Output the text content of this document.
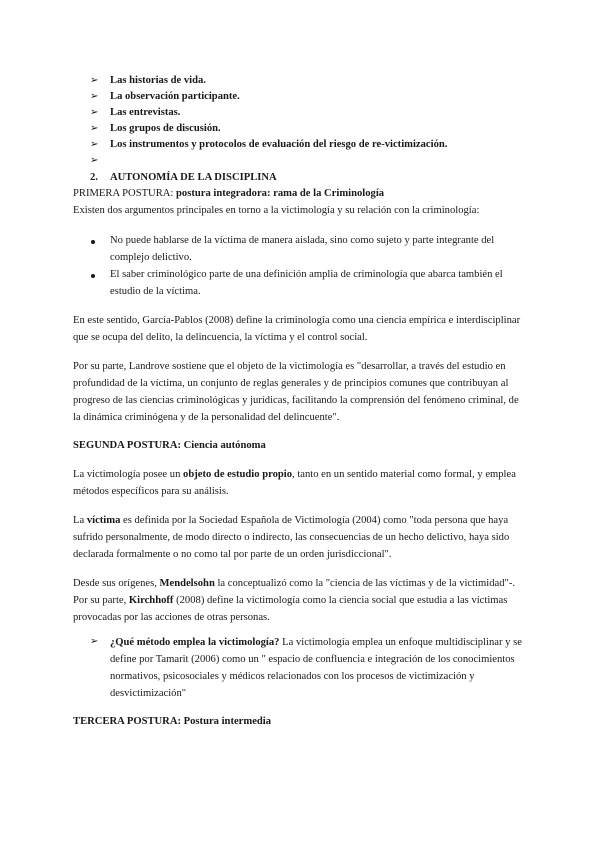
➢ Las historias de vida.
➢ La observación participante.
➢ Las entrevistas.
➢ Los grupos de discusión.
➢ Los instrumentos y protocolos de evaluación del riesgo de re-victimización.
➢
2. AUTONOMÍA DE LA DISCIPLINA
PRIMERA POSTURA: postura integradora: rama de la Criminología
Existen dos argumentos principales en torno a la victimología y su relación con la criminología:
No puede hablarse de la víctima de manera aislada, sino como sujeto y parte integrante del
complejo delictivo.
El saber criminológico parte de una definición amplia de criminología que abarca también el
estudio de la víctima.
En este sentido, García-Pablos (2008) define la criminología como una ciencia empírica e interdisciplinar
que se ocupa del delito, la delincuencia, la víctima y el control social.
Por su parte, Landrove sostiene que el objeto de la victimología es "desarrollar, a través del estudio en
profundidad de la víctima, un conjunto de reglas generales y de principios comunes que contribuyan al
progreso de las ciencias criminológicas y jurídicas, facilitando la comprensión del fenómeno criminal, de
la dinámica criminógena y de la personalidad del delincuente".
SEGUNDA POSTURA: Ciencia autónoma
La victimología posee un objeto de estudio propio, tanto en un sentido material como formal, y emplea
métodos específicos para su análisis.
La víctima es definida por la Sociedad Española de Victimología (2004) como "toda persona que haya
sufrido personalmente, de modo directo o indirecto, las consecuencias de un hecho delictivo, haya sido
declarada formalmente o no como tal por parte de un orden jurisdiccional".
Desde sus orígenes, Mendelsohn la conceptualizó como la "ciencia de las víctimas y de la victimidad"-.
Por su parte, Kirchhoff (2008) define la victimología como la ciencia social que estudia a las víctimas
provocadas por las acciones de otras personas.
➢ ¿Qué método emplea la victimología? La victimología emplea un enfoque multidisciplinar y se
define por Tamarit (2006) como un " espacio de confluencia e integración de los conocimientos
normativos, psicosociales y médicos relacionados con los procesos de victimización y
desvictimización"
TERCERA POSTURA: Postura intermedia
